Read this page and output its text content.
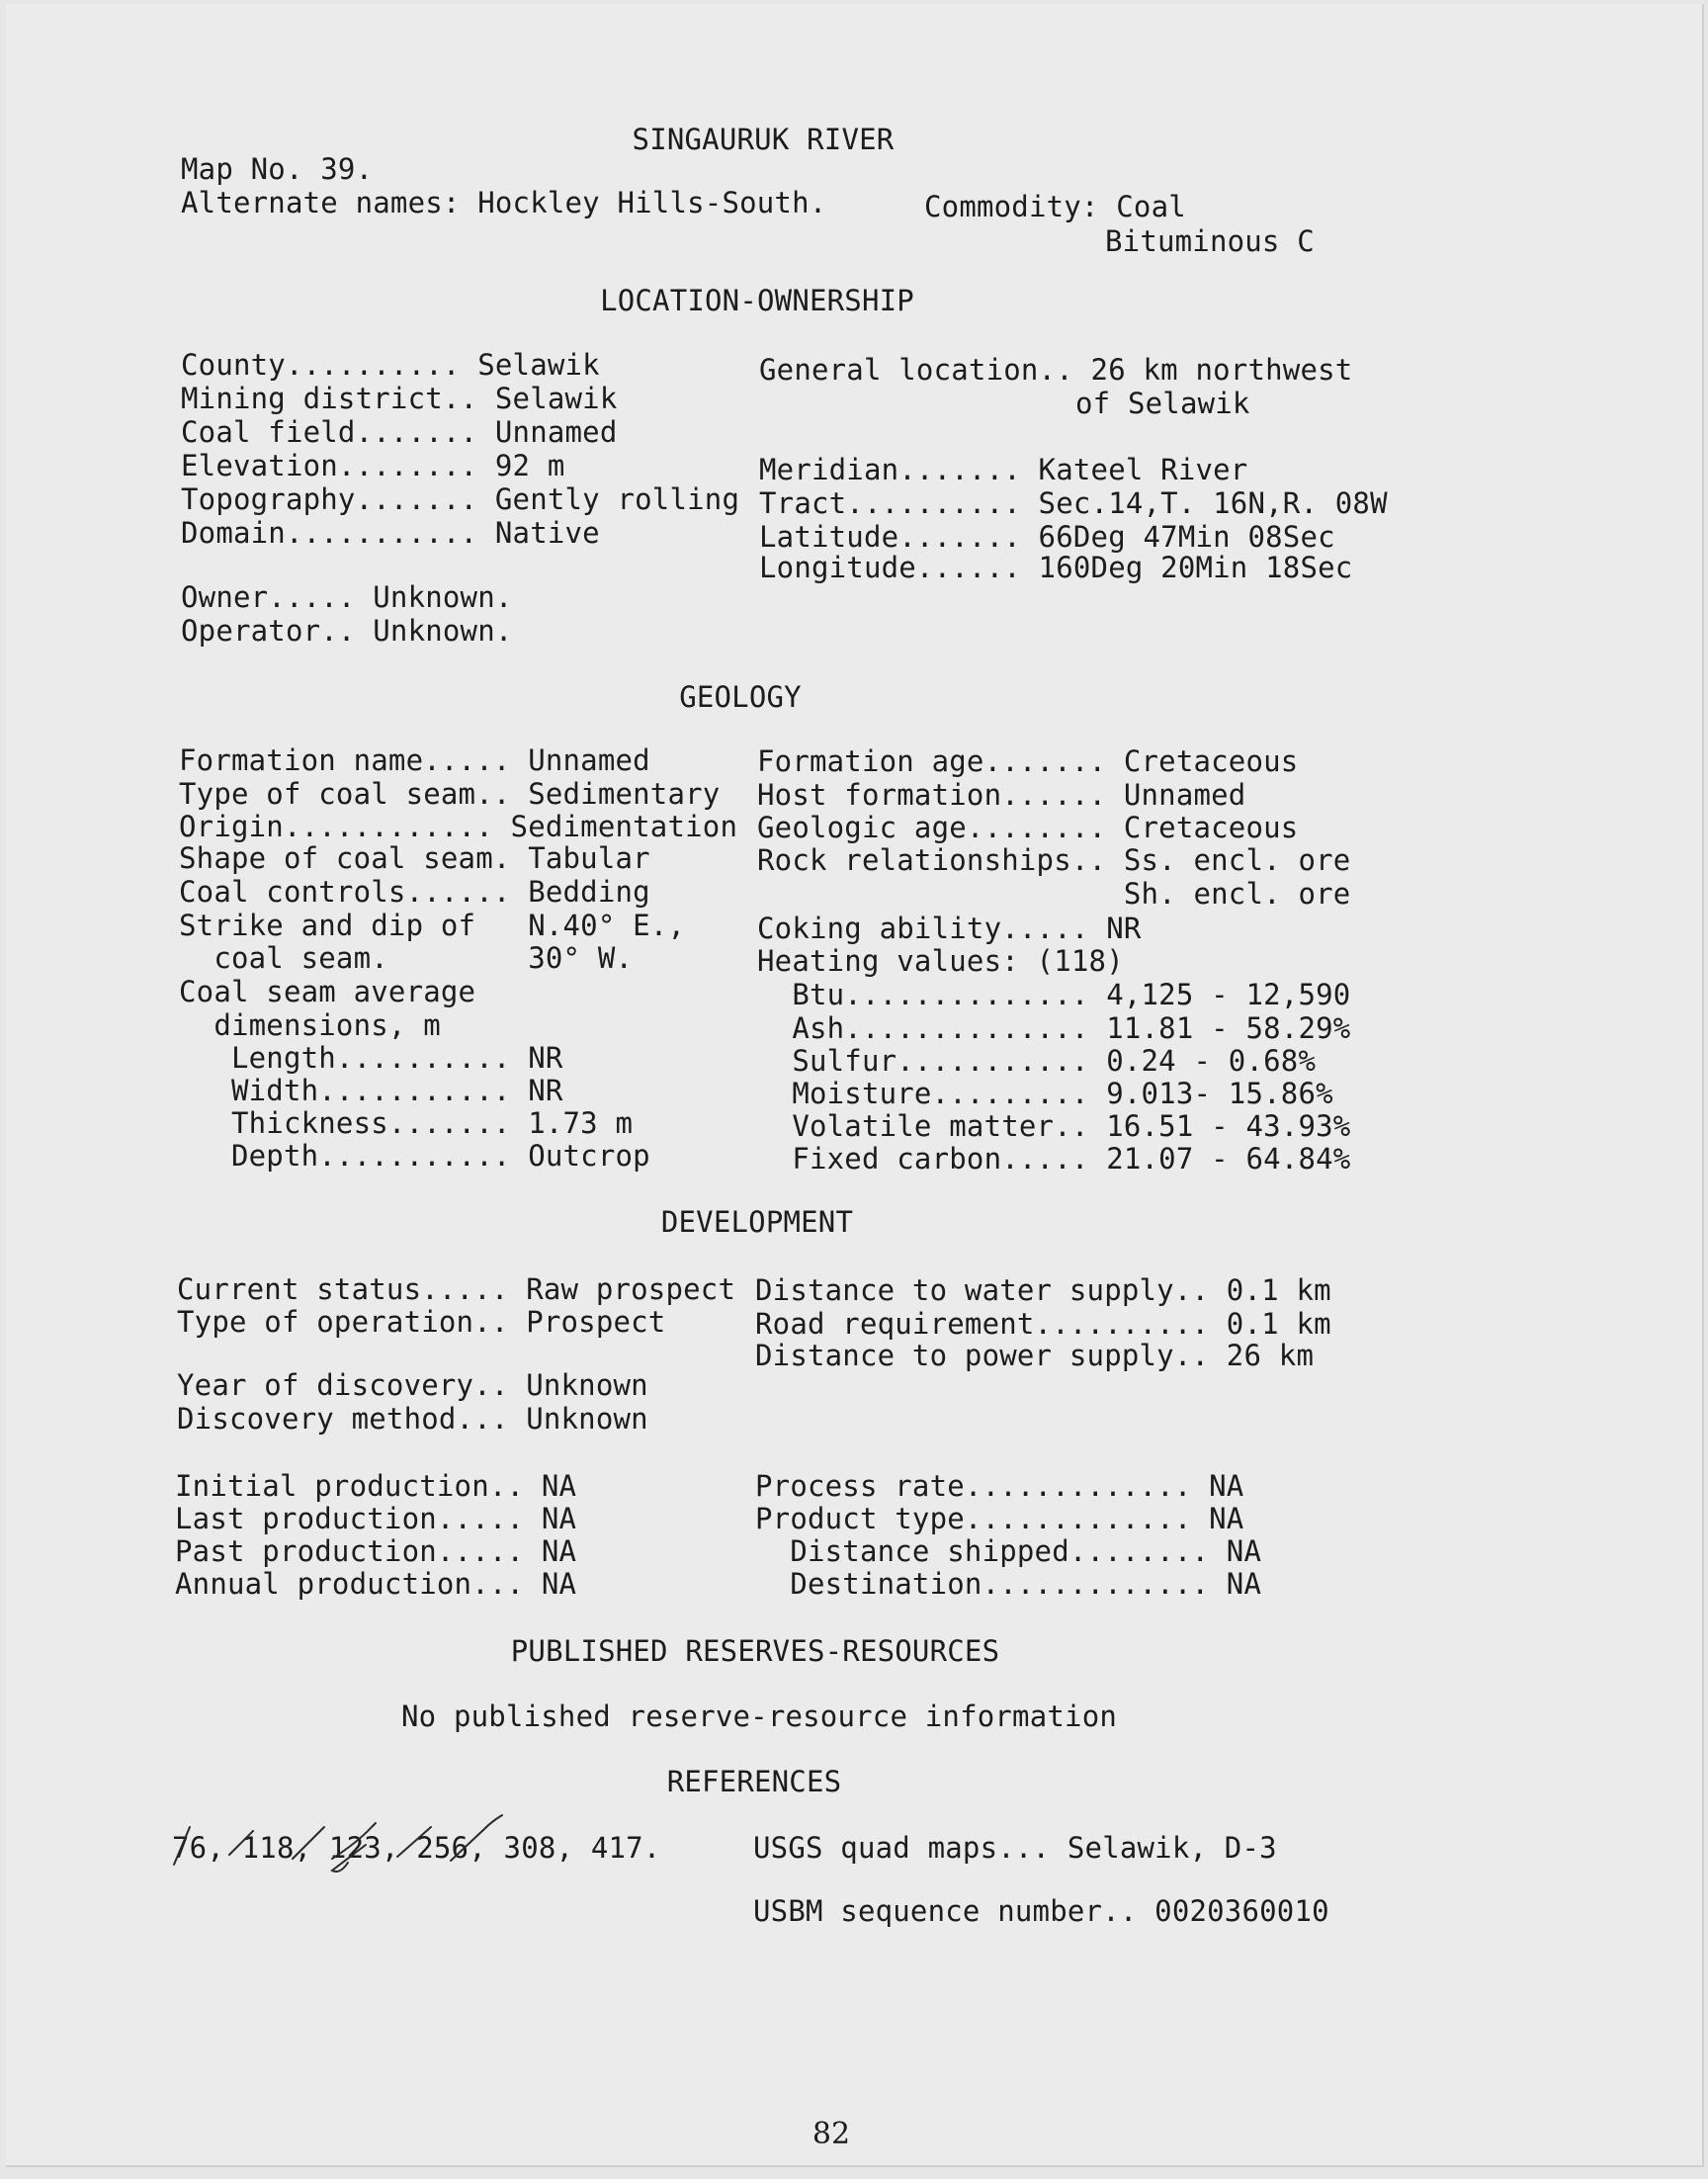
SINGAURUK RIVER
Map No. 39.
Alternate names: Hockley Hills-South.	Commodity: Coal
Bituminous C
LOCATION-OWNERSHIP
County.......... Selawik
Mining district.. Selawik
Coal field....... Unnamed
Elevation........ 92 m
Topography....... Gently rolling
Domain........... Native
General location.. 26 km northwest
of Selawik
Meridian....... Kateel River
Tract.......... Sec.14,T. 16N,R. 08W
Latitude....... 66Deg 47Min 08Sec
Longitude...... 160Deg 20Min 18Sec
Owner..... Unknown.
Operator.. Unknown.
GEOLOGY
Formation name..... Unnamed
Type of coal seam.. Sedimentary
Origin............ Sedimentation
Shape of coal seam. Tabular
Coal controls...... Bedding
Strike and dip of   N.40° E.,
coal seam.        30° W.
Coal seam average
dimensions, m
Length.......... NR
Width........... NR
Thickness....... 1.73 m
Depth........... Outcrop
Formation age....... Cretaceous
Host formation...... Unnamed
Geologic age........ Cretaceous
Rock relationships.. Ss. encl. ore
Sh. encl. ore
Coking ability..... NR
Heating values: (118)
Btu.............. 4,125 - 12,590
Ash.............. 11.81 - 58.29%
Sulfur........... 0.24 - 0.68%
Moisture......... 9.013- 15.86%
Volatile matter.. 16.51 - 43.93%
Fixed carbon..... 21.07 - 64.84%
DEVELOPMENT
Current status..... Raw prospect
Type of operation.. Prospect
Year of discovery.. Unknown
Discovery method... Unknown
Distance to water supply.. 0.1 km
Road requirement.......... 0.1 km
Distance to power supply.. 26 km
Initial production.. NA
Last production..... NA
Past production..... NA
Annual production... NA
Process rate............. NA
Product type............. NA
Distance shipped........ NA
Destination............. NA
PUBLISHED RESERVES-RESOURCES
No published reserve-resource information
REFERENCES
76, 118, 123, 256, 308, 417.	USGS quad maps... Selawik, D-3
USBM sequence number.. 0020360010
82
